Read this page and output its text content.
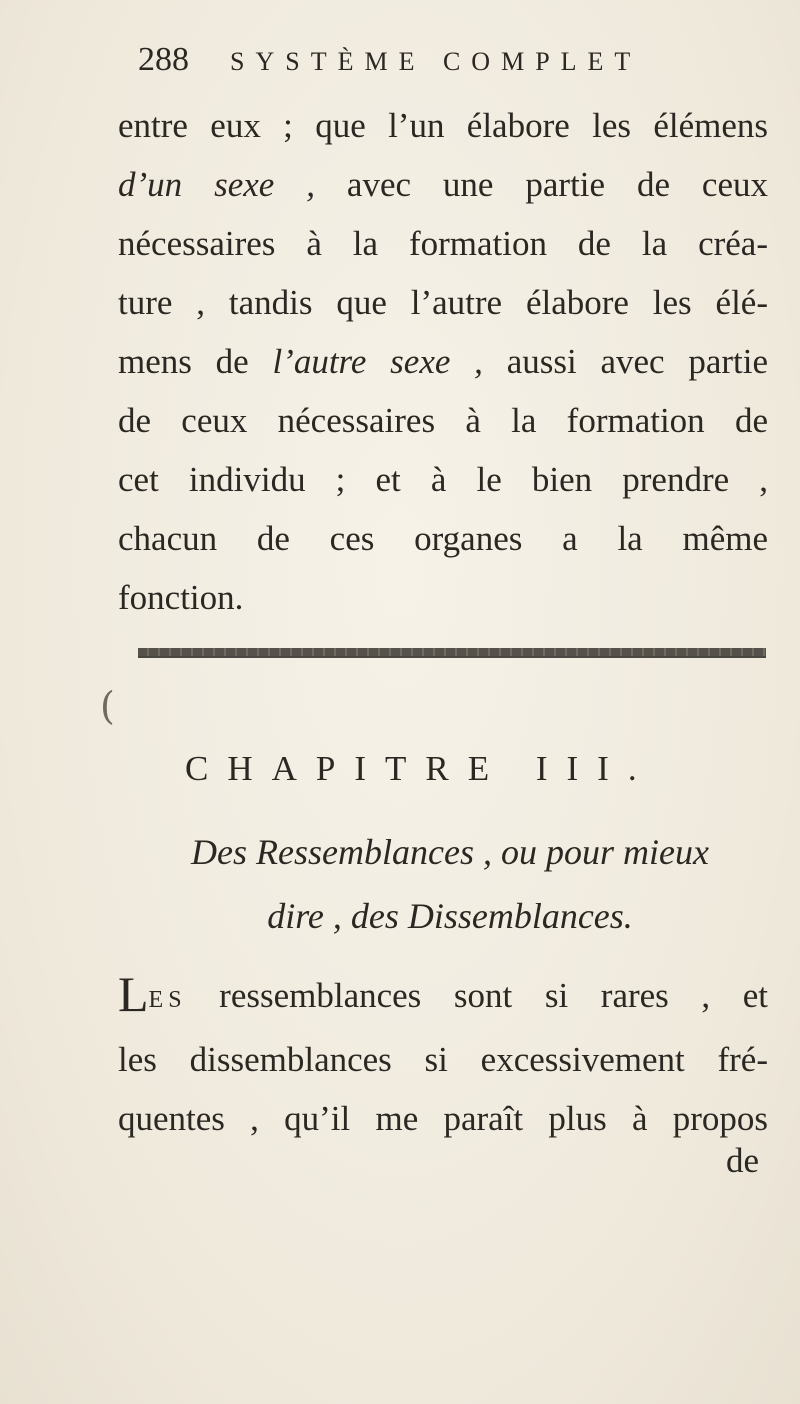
288 SYSTÈME COMPLET
entre eux ; que l’un élabore les élémens
d’un sexe , avec une partie de ceux
nécessaires à la formation de la créa-
ture , tandis que l’autre élabore les élé-
mens de l’autre sexe , aussi avec partie
de ceux nécessaires à la formation de
cet individu ; et à le bien prendre ,
chacun de ces organes a la même
fonction.
(
CHAPITRE III.
Des Ressemblances , ou pour mieux
dire , des Dissemblances.
LES ressemblances sont si rares , et
les dissemblances si excessivement fré-
quentes , qu’il me paraît plus à propos
de
